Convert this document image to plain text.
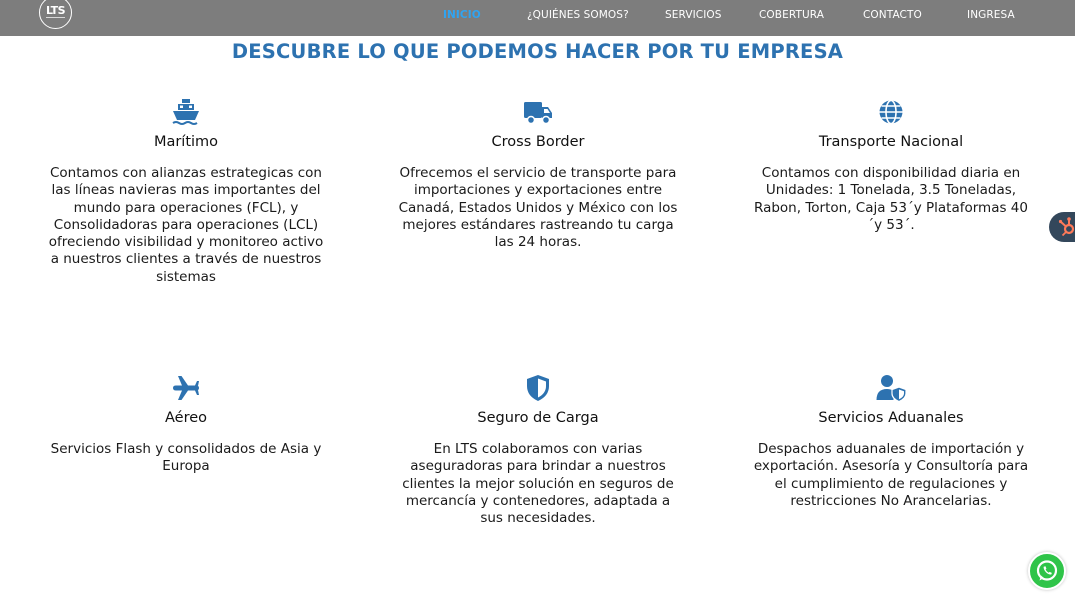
LTS	INICIO	¿QUIÉNES SOMOS?	SERVICIOS	COBERTURA	CONTACTO	INGRESA
DESCUBRE LO QUE PODEMOS HACER POR TU EMPRESA
Marítimo

Contamos con alianzas estrategicas con las líneas navieras mas importantes del mundo para operaciones (FCL), y Consolidadoras para operaciones (LCL) ofreciendo visibilidad y monitoreo activo a nuestros clientes a través de nuestros sistemas

Cross Border

Ofrecemos el servicio de transporte para importaciones y exportaciones entre Canadá, Estados Unidos y México con los mejores estándares rastreando tu carga las 24 horas.

Transporte Nacional

Contamos con disponibilidad diaria en Unidades: 1 Tonelada, 3.5 Toneladas, Rabon, Torton, Caja 53´y Plataformas 40´y 53´.

Aéreo

Servicios Flash y consolidados de Asia y Europa

Seguro de Carga

En LTS colaboramos con varias aseguradoras para brindar a nuestros clientes la mejor solución en seguros de mercancía y contenedores, adaptada a sus necesidades.

Servicios Aduanales

Despachos aduanales de importación y exportación. Asesoría y Consultoría para el cumplimiento de regulaciones y restricciones No Arancelarias.
